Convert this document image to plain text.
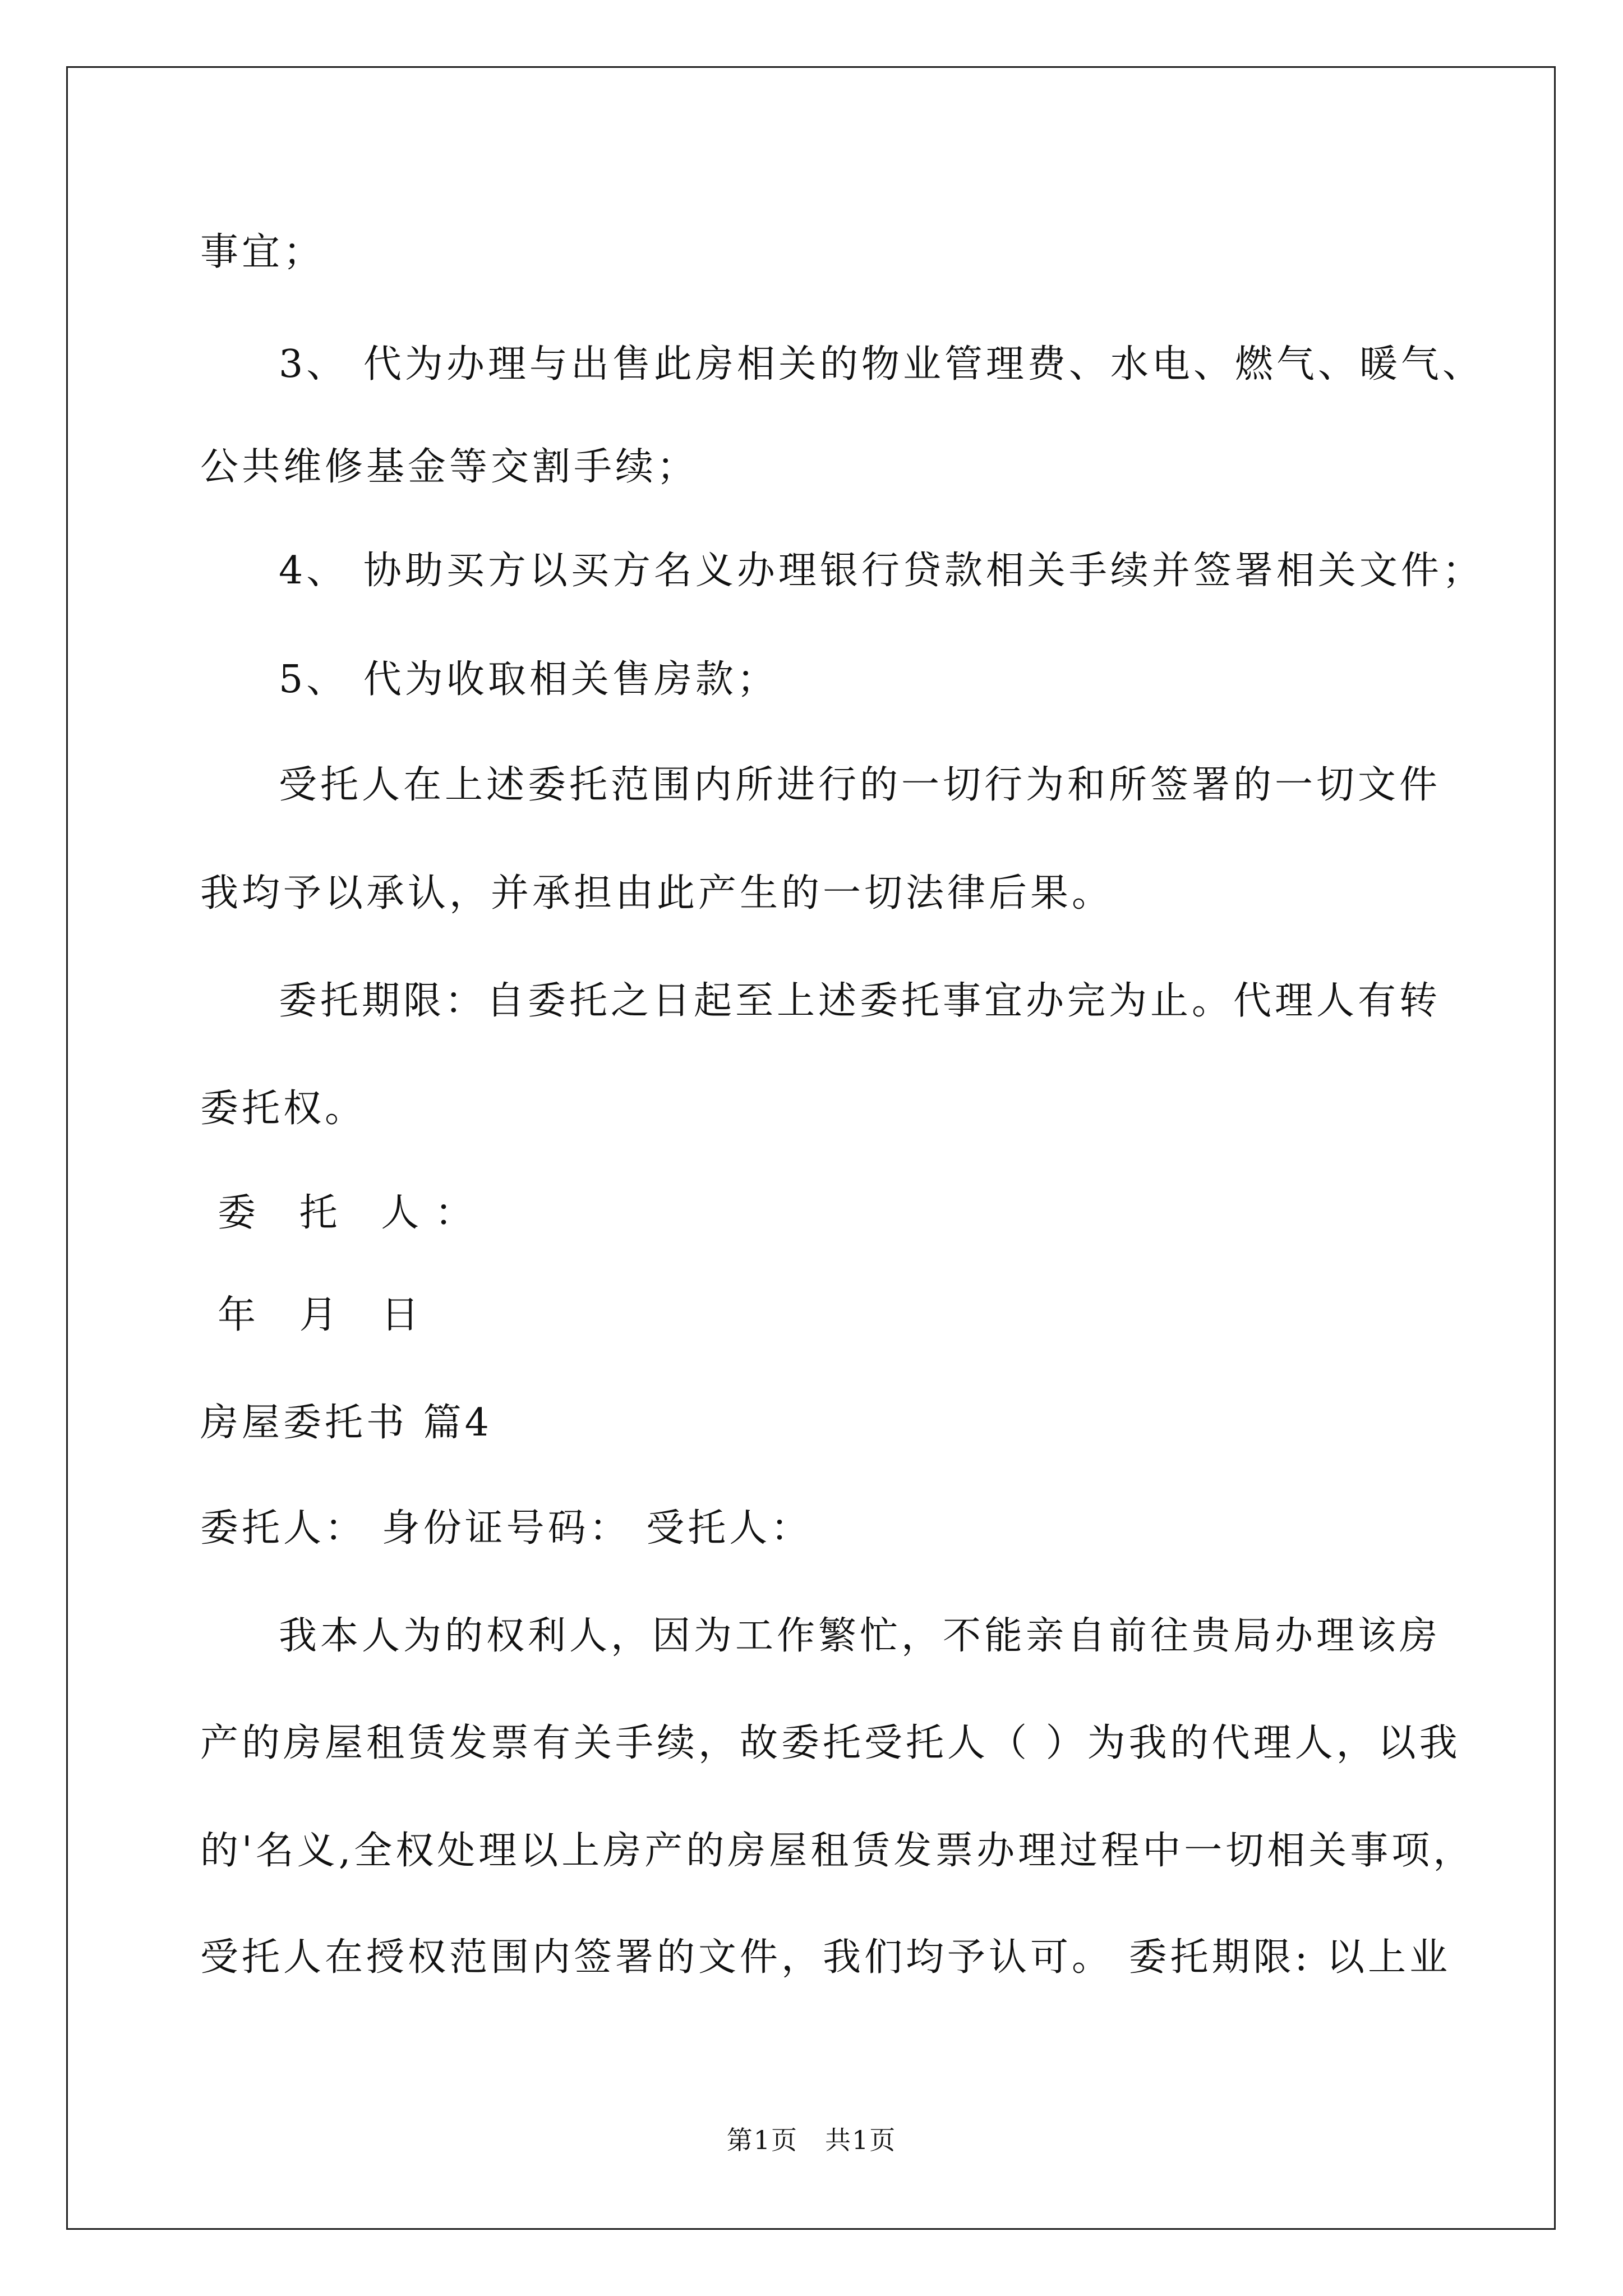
事宜；
3、 代为办理与出售此房相关的物业管理费、水电、燃气、暖气、
公共维修基金等交割手续；
4、 协助买方以买方名义办理银行贷款相关手续并签署相关文件；
5、 代为收取相关售房款；
受托人在上述委托范围内所进行的一切行为和所签署的一切文件
我均予以承认，并承担由此产生的一切法律后果。
委托期限：自委托之日起至上述委托事宜办完为止。代理人有转
委托权。
委 托 人：
年 月 日
房屋委托书 篇4
委托人： 身份证号码： 受托人：
我本人为的权利人，因为工作繁忙，不能亲自前往贵局办理该房
产的房屋租赁发票有关手续，故委托受托人（ ）为我的代理人，以我
的'名义,全权处理以上房产的房屋租赁发票办理过程中一切相关事项，
受托人在授权范围内签署的文件，我们均予认可。 委托期限: 以上业
第1页　共1页
